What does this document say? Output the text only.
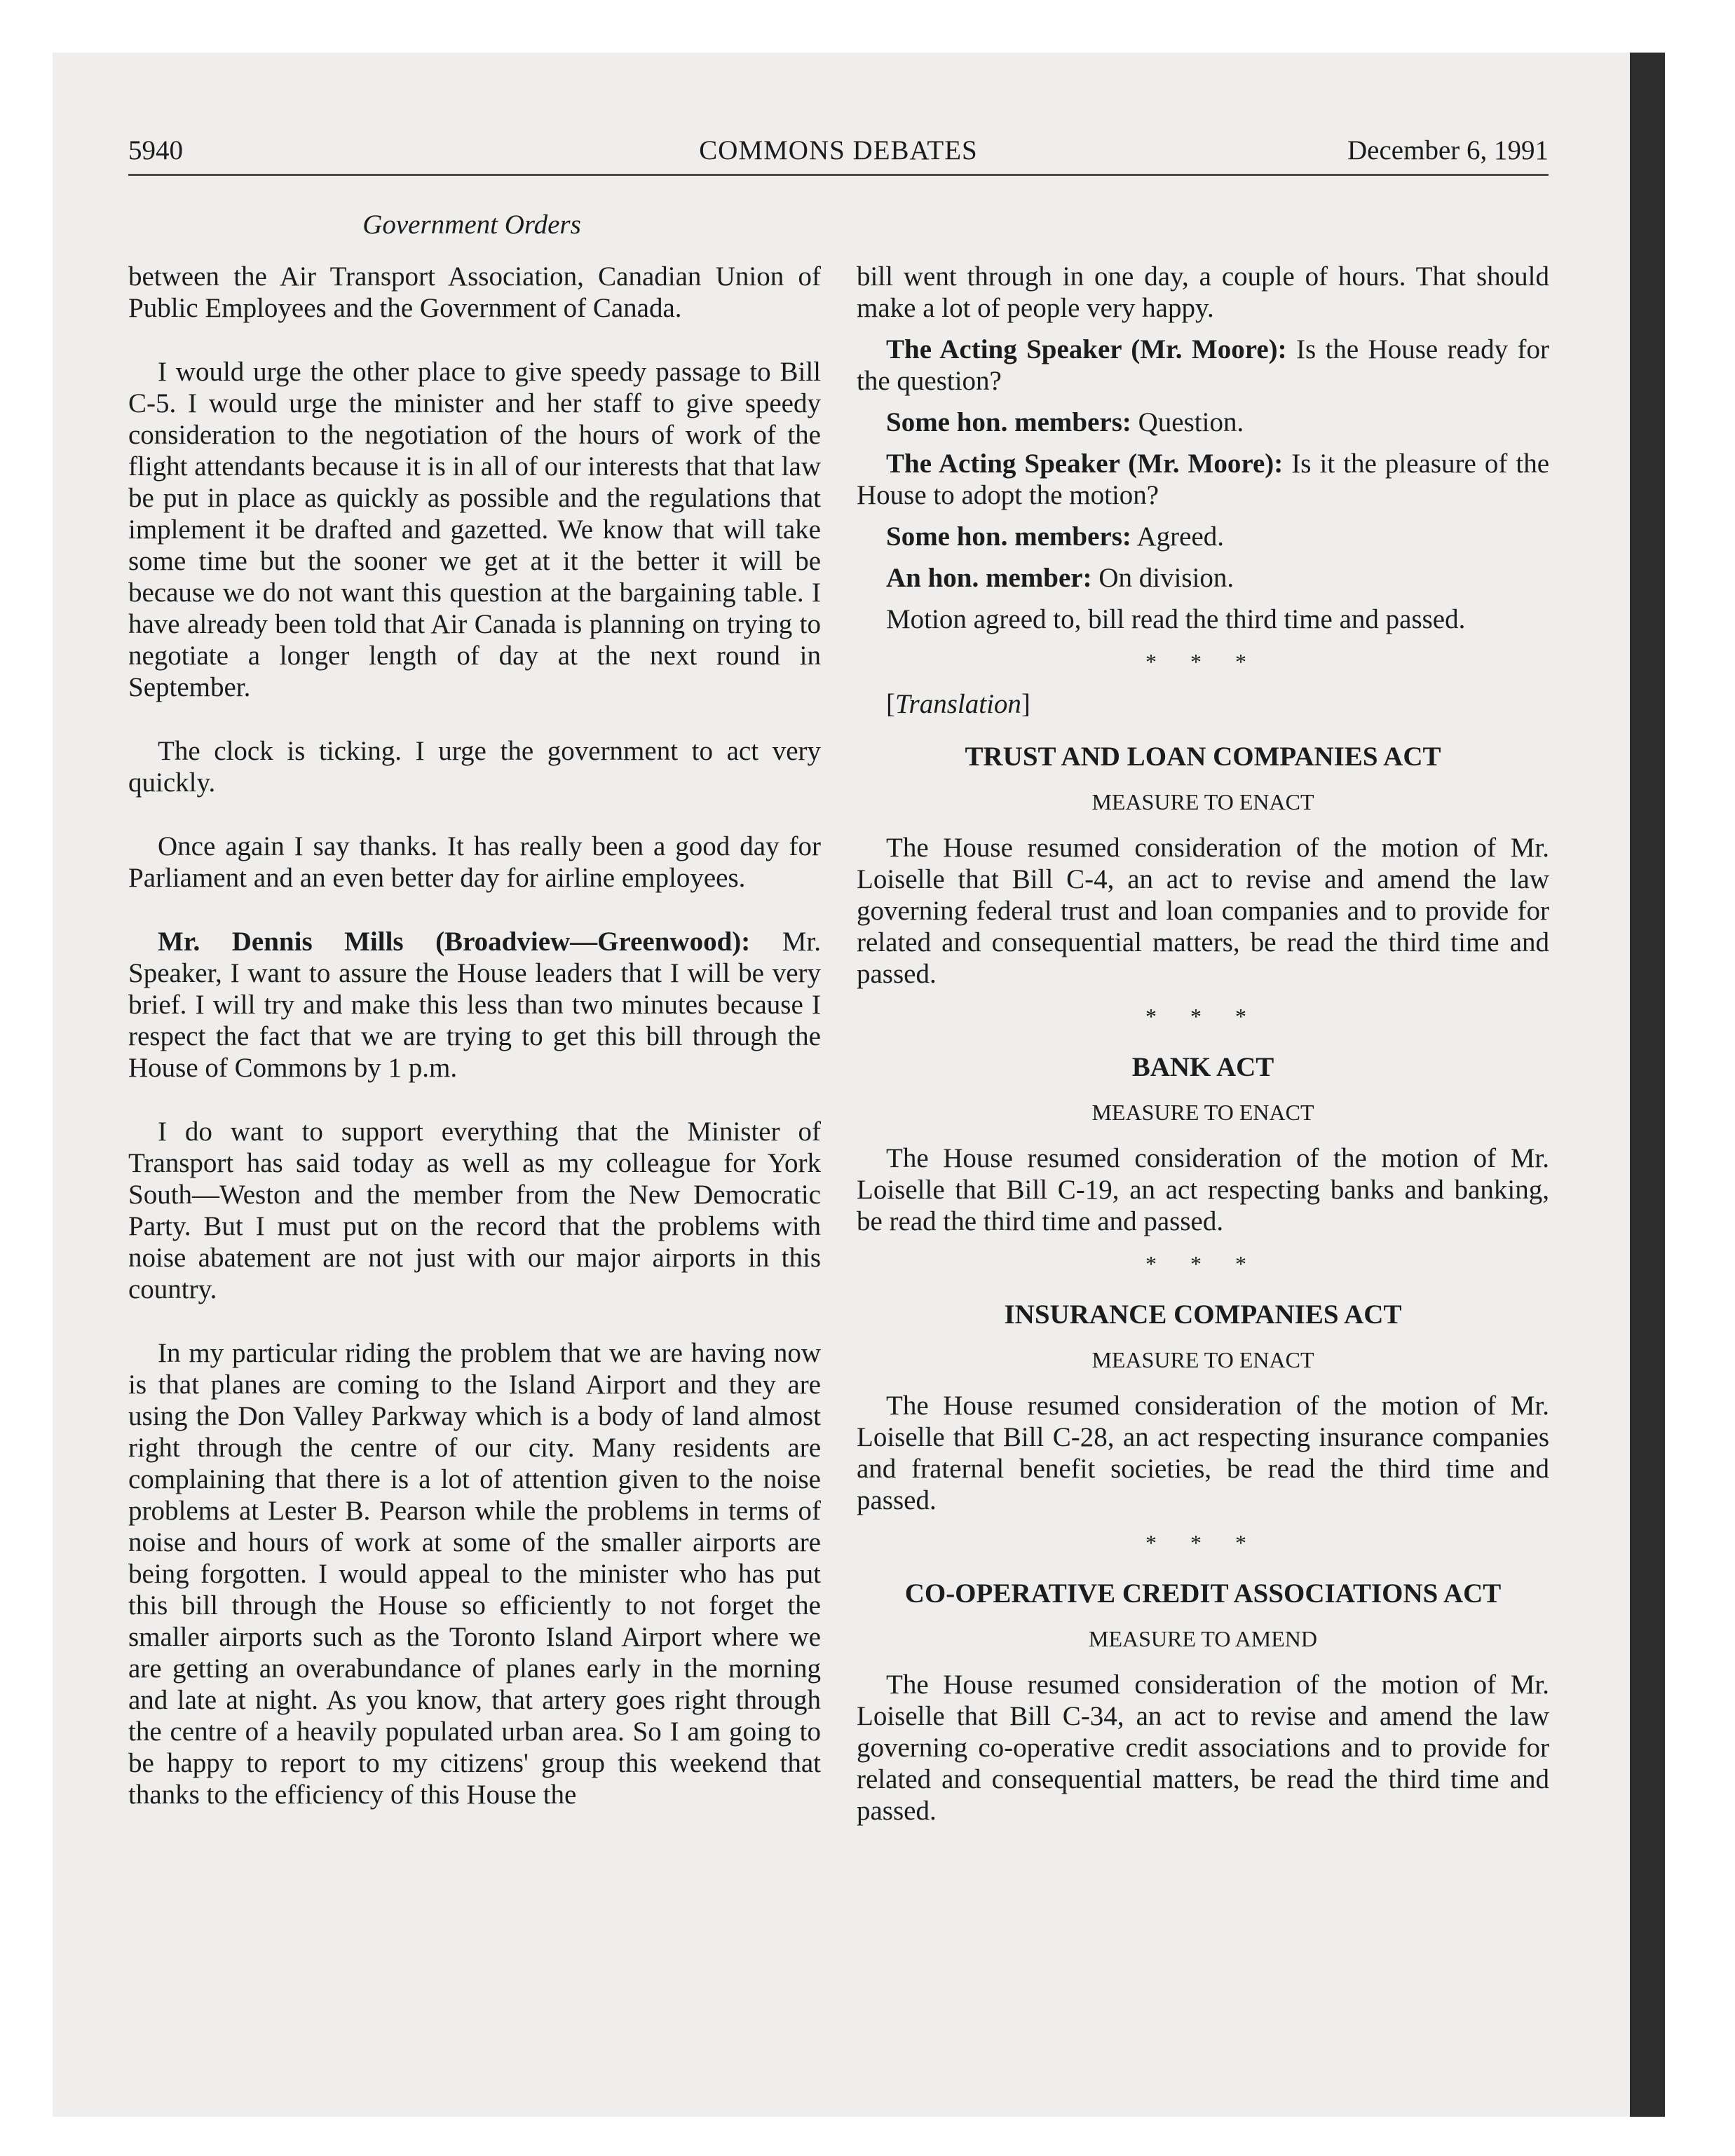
5940	COMMONS DEBATES	December 6, 1991
Government Orders

between the Air Transport Association, Canadian Union of Public Employees and the Government of Canada.

I would urge the other place to give speedy passage to Bill C-5. I would urge the minister and her staff to give speedy consideration to the negotiation of the hours of work of the flight attendants because it is in all of our interests that that law be put in place as quickly as possible and the regulations that implement it be drafted and gazetted. We know that will take some time but the sooner we get at it the better it will be because we do not want this question at the bargaining table. I have already been told that Air Canada is planning on trying to negotiate a longer length of day at the next round in September.

The clock is ticking. I urge the government to act very quickly.

Once again I say thanks. It has really been a good day for Parliament and an even better day for airline employees.

Mr. Dennis Mills (Broadview—Greenwood): Mr. Speaker, I want to assure the House leaders that I will be very brief. I will try and make this less than two minutes because I respect the fact that we are trying to get this bill through the House of Commons by 1 p.m.

I do want to support everything that the Minister of Transport has said today as well as my colleague for York South—Weston and the member from the New Democratic Party. But I must put on the record that the problems with noise abatement are not just with our major airports in this country.

In my particular riding the problem that we are having now is that planes are coming to the Island Airport and they are using the Don Valley Parkway which is a body of land almost right through the centre of our city. Many residents are complaining that there is a lot of attention given to the noise problems at Lester B. Pearson while the problems in terms of noise and hours of work at some of the smaller airports are being forgotten. I would appeal to the minister who has put this bill through the House so efficiently to not forget the smaller airports such as the Toronto Island Airport where we are getting an overabundance of planes early in the morning and late at night. As you know, that artery goes right through the centre of a heavily populated urban area. So I am going to be happy to report to my citizens' group this weekend that thanks to the efficiency of this House the

bill went through in one day, a couple of hours. That should make a lot of people very happy.

The Acting Speaker (Mr. Moore): Is the House ready for the question?

Some hon. members: Question.

The Acting Speaker (Mr. Moore): Is it the pleasure of the House to adopt the motion?

Some hon. members: Agreed.

An hon. member: On division.

Motion agreed to, bill read the third time and passed.

* * *

[Translation]

TRUST AND LOAN COMPANIES ACT
MEASURE TO ENACT

The House resumed consideration of the motion of Mr. Loiselle that Bill C-4, an act to revise and amend the law governing federal trust and loan companies and to provide for related and consequential matters, be read the third time and passed.

* * *
BANK ACT
MEASURE TO ENACT

The House resumed consideration of the motion of Mr. Loiselle that Bill C-19, an act respecting banks and banking, be read the third time and passed.

* * *
INSURANCE COMPANIES ACT
MEASURE TO ENACT

The House resumed consideration of the motion of Mr. Loiselle that Bill C-28, an act respecting insurance companies and fraternal benefit societies, be read the third time and passed.

* * *
CO-OPERATIVE CREDIT ASSOCIATIONS ACT
MEASURE TO AMEND

The House resumed consideration of the motion of Mr. Loiselle that Bill C-34, an act to revise and amend the law governing co-operative credit associations and to provide for related and consequential matters, be read the third time and passed.
